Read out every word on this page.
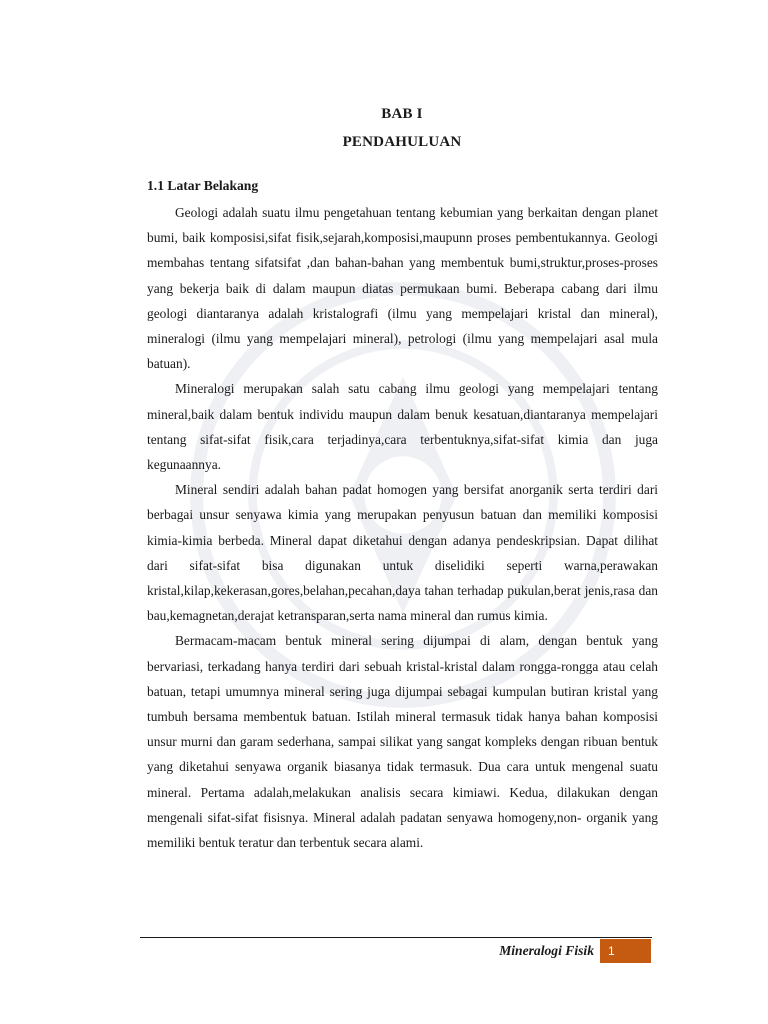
BAB I
PENDAHULUAN
1.1 Latar Belakang

Geologi adalah suatu ilmu pengetahuan tentang kebumian yang berkaitan dengan planet bumi, baik komposisi,sifat fisik,sejarah,komposisi,maupunn proses pembentukannya. Geologi membahas tentang sifatsifat ,dan bahan-bahan yang membentuk bumi,struktur,proses-proses yang bekerja baik di dalam maupun diatas permukaan bumi. Beberapa cabang dari ilmu geologi diantaranya adalah kristalografi (ilmu yang mempelajari kristal dan mineral), mineralogi (ilmu yang mempelajari mineral), petrologi (ilmu yang mempelajari asal mula batuan).

Mineralogi merupakan salah satu cabang ilmu geologi yang mempelajari tentang mineral,baik dalam bentuk individu maupun dalam benuk kesatuan,diantaranya mempelajari tentang sifat-sifat fisik,cara terjadinya,cara terbentuknya,sifat-sifat kimia dan juga kegunaannya.

Mineral sendiri adalah bahan padat homogen yang bersifat anorganik serta terdiri dari berbagai unsur senyawa kimia yang merupakan penyusun batuan dan memiliki komposisi kimia-kimia berbeda. Mineral dapat diketahui dengan adanya pendeskripsian. Dapat dilihat dari sifat-sifat bisa digunakan untuk diselidiki seperti warna,perawakan kristal,kilap,kekerasan,gores,belahan,pecahan,daya tahan terhadap pukulan,berat jenis,rasa dan bau,kemagnetan,derajat ketransparan,serta nama mineral dan rumus kimia.

Bermacam-macam bentuk mineral sering dijumpai di alam, dengan bentuk yang bervariasi, terkadang hanya terdiri dari sebuah kristal-kristal dalam rongga-rongga atau celah batuan, tetapi umumnya mineral sering juga dijumpai sebagai kumpulan butiran kristal yang tumbuh bersama membentuk batuan. Istilah mineral termasuk tidak hanya bahan komposisi unsur murni dan garam sederhana, sampai silikat yang sangat kompleks dengan ribuan bentuk yang diketahui senyawa organik biasanya tidak termasuk. Dua cara untuk mengenal suatu mineral. Pertama adalah,melakukan analisis secara kimiawi. Kedua, dilakukan dengan mengenali sifat-sifat fisisnya. Mineral adalah padatan senyawa homogeny,non- organik yang memiliki bentuk teratur dan terbentuk secara alami.

Mineralogi Fisik	1
